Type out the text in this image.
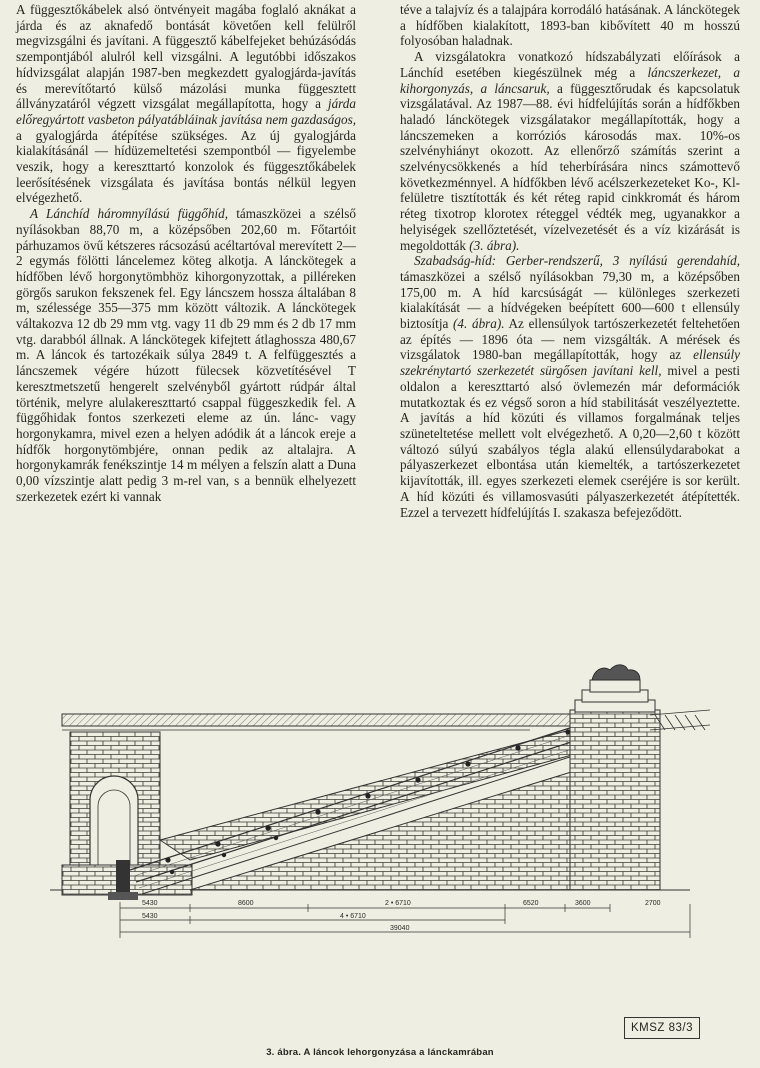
A függesztőkábelek alsó öntvényeit magába foglaló aknákat a járda és az aknafedő bontását követően kell felülről megvizsgálni és javítani. A függesztő kábelfejeket behúzásódás szempontjából alulról kell vizsgálni. A legutóbbi időszakos hídvizsgálat alapján 1987-ben megkezdett gyalogjárda-javítás és merevítőtartó külső mázolási munka függesztett állványzatáról végzett vizsgálat megállapította, hogy a járda előregyártott vasbeton pályatábláinak javítása nem gazdaságos, a gyalogjárda átépítése szükséges. Az új gyalogjárda kialakításánál — hídüzemeltetési szempontból — figyelembe veszik, hogy a kereszttartó konzolok és függesztőkábelek leerősítésének vizsgálata és javítása bontás nélkül legyen elvégezhető.

A Lánchíd háromnyílású függőhíd, támaszközei a szélső nyílásokban 88,70 m, a középsőben 202,60 m. Főtartóit párhuzamos övű kétszeres rácsozású acéltartóval merevített 2—2 egymás fölötti láncelemez köteg alkotja. A lánckötegek a hídfőben lévő horgonytömbhöz kihorgonyzottak, a pilléreken görgős sarukon fekszenek fel. Egy láncszem hossza általában 8 m, szélessége 355—375 mm között változik. A lánckötegek váltakozva 12 db 29 mm vtg. vagy 11 db 29 mm és 2 db 17 mm vtg. darabból állnak. A lánckötegek kifejtett átlaghossza 480,67 m. A láncok és tartozékaik súlya 2849 t. A felfüggesztés a láncszemek végére húzott fülecsek közvetítésével T keresztmetszetű hengerelt szelvényből gyártott rúdpár által történik, melyre alulakereszttartó csappal függeszkedik fel. A függőhidak fontos szerkezeti eleme az ún. lánc- vagy horgonykamra, mivel ezen a helyen adódik át a láncok ereje a hídfők horgonytömbjére, onnan pedik az altalajra. A horgonykamrák fenékszintje 14 m mélyen a felszín alatt a Duna 0,00 vízszintje alatt pedig 3 m-rel van, s a bennük elhelyezett szerkezetek ezért ki vannak

téve a talajvíz és a talajpára korrodáló hatásának. A lánckötegek a hídfőben kialakított, 1893-ban kibővített 40 m hosszú folyosóban haladnak.

A vizsgálatokra vonatkozó hídszabályzati előírások a Lánchíd esetében kiegészülnek még a láncszerkezet, a kihorgonyzás, a láncsaruk, a függesztőrudak és kapcsolatuk vizsgálatával. Az 1987—88. évi hídfelújítás során a hídfőkben haladó lánckötegek vizsgálatakor megállapították, hogy a láncszemeken a korróziós károsodás max. 10%-os szelvényhiányt okozott. Az ellenőrző számítás szerint a szelvénycsökkenés a híd teherbírására nincs számottevő következménnyel. A hídfőkben lévő acélszerkezeteket Ko-, Kl- felületre tisztították és két réteg rapid cinkkromát és három réteg tixotrop klorotex réteggel védték meg, ugyanakkor a helyiségek szellőztetését, vízelvezetését és a víz kizárását is megoldották (3. ábra).

Szabadság-híd: Gerber-rendszerű, 3 nyílású gerendahíd, támaszközei a szélső nyílásokban 79,30 m, a középsőben 175,00 m. A híd karcsúságát — különleges szerkezeti kialakítását — a hídvégeken beépített 600—600 t ellensúly biztosítja (4. ábra). Az ellensúlyok tartószerkezetét feltehetően az építés — 1896 óta — nem vizsgálták. A mérések és vizsgálatok 1980-ban megállapították, hogy az ellensúly szekrénytartó szerkezetét sürgősen javítani kell, mivel a pesti oldalon a kereszttartó alsó övlemezén már deformációk mutatkoztak és ez végső soron a híd stabilitását veszélyeztette. A javítás a híd közúti és villamos forgalmának teljes szüneteltetése mellett volt elvégezhető. A 0,20—2,60 t között változó súlyú szabályos tégla alakú ellensúlydarabokat a pályaszerkezet elbontása után kiemelték, a tartószerkezetet kijavították, ill. egyes szerkezeti elemek cseréjére is sor került. A híd közúti és villamosvasúti pályaszerkezetét átépítették. Ezzel a tervezett hídfelújítás I. szakasza befejeződött.

5430	8600	2 • 6710	6520	3600	2700
5430	4 • 6710
39040
KMSZ 83/3
3. ábra. A láncok lehorgonyzása a lánckamrában
